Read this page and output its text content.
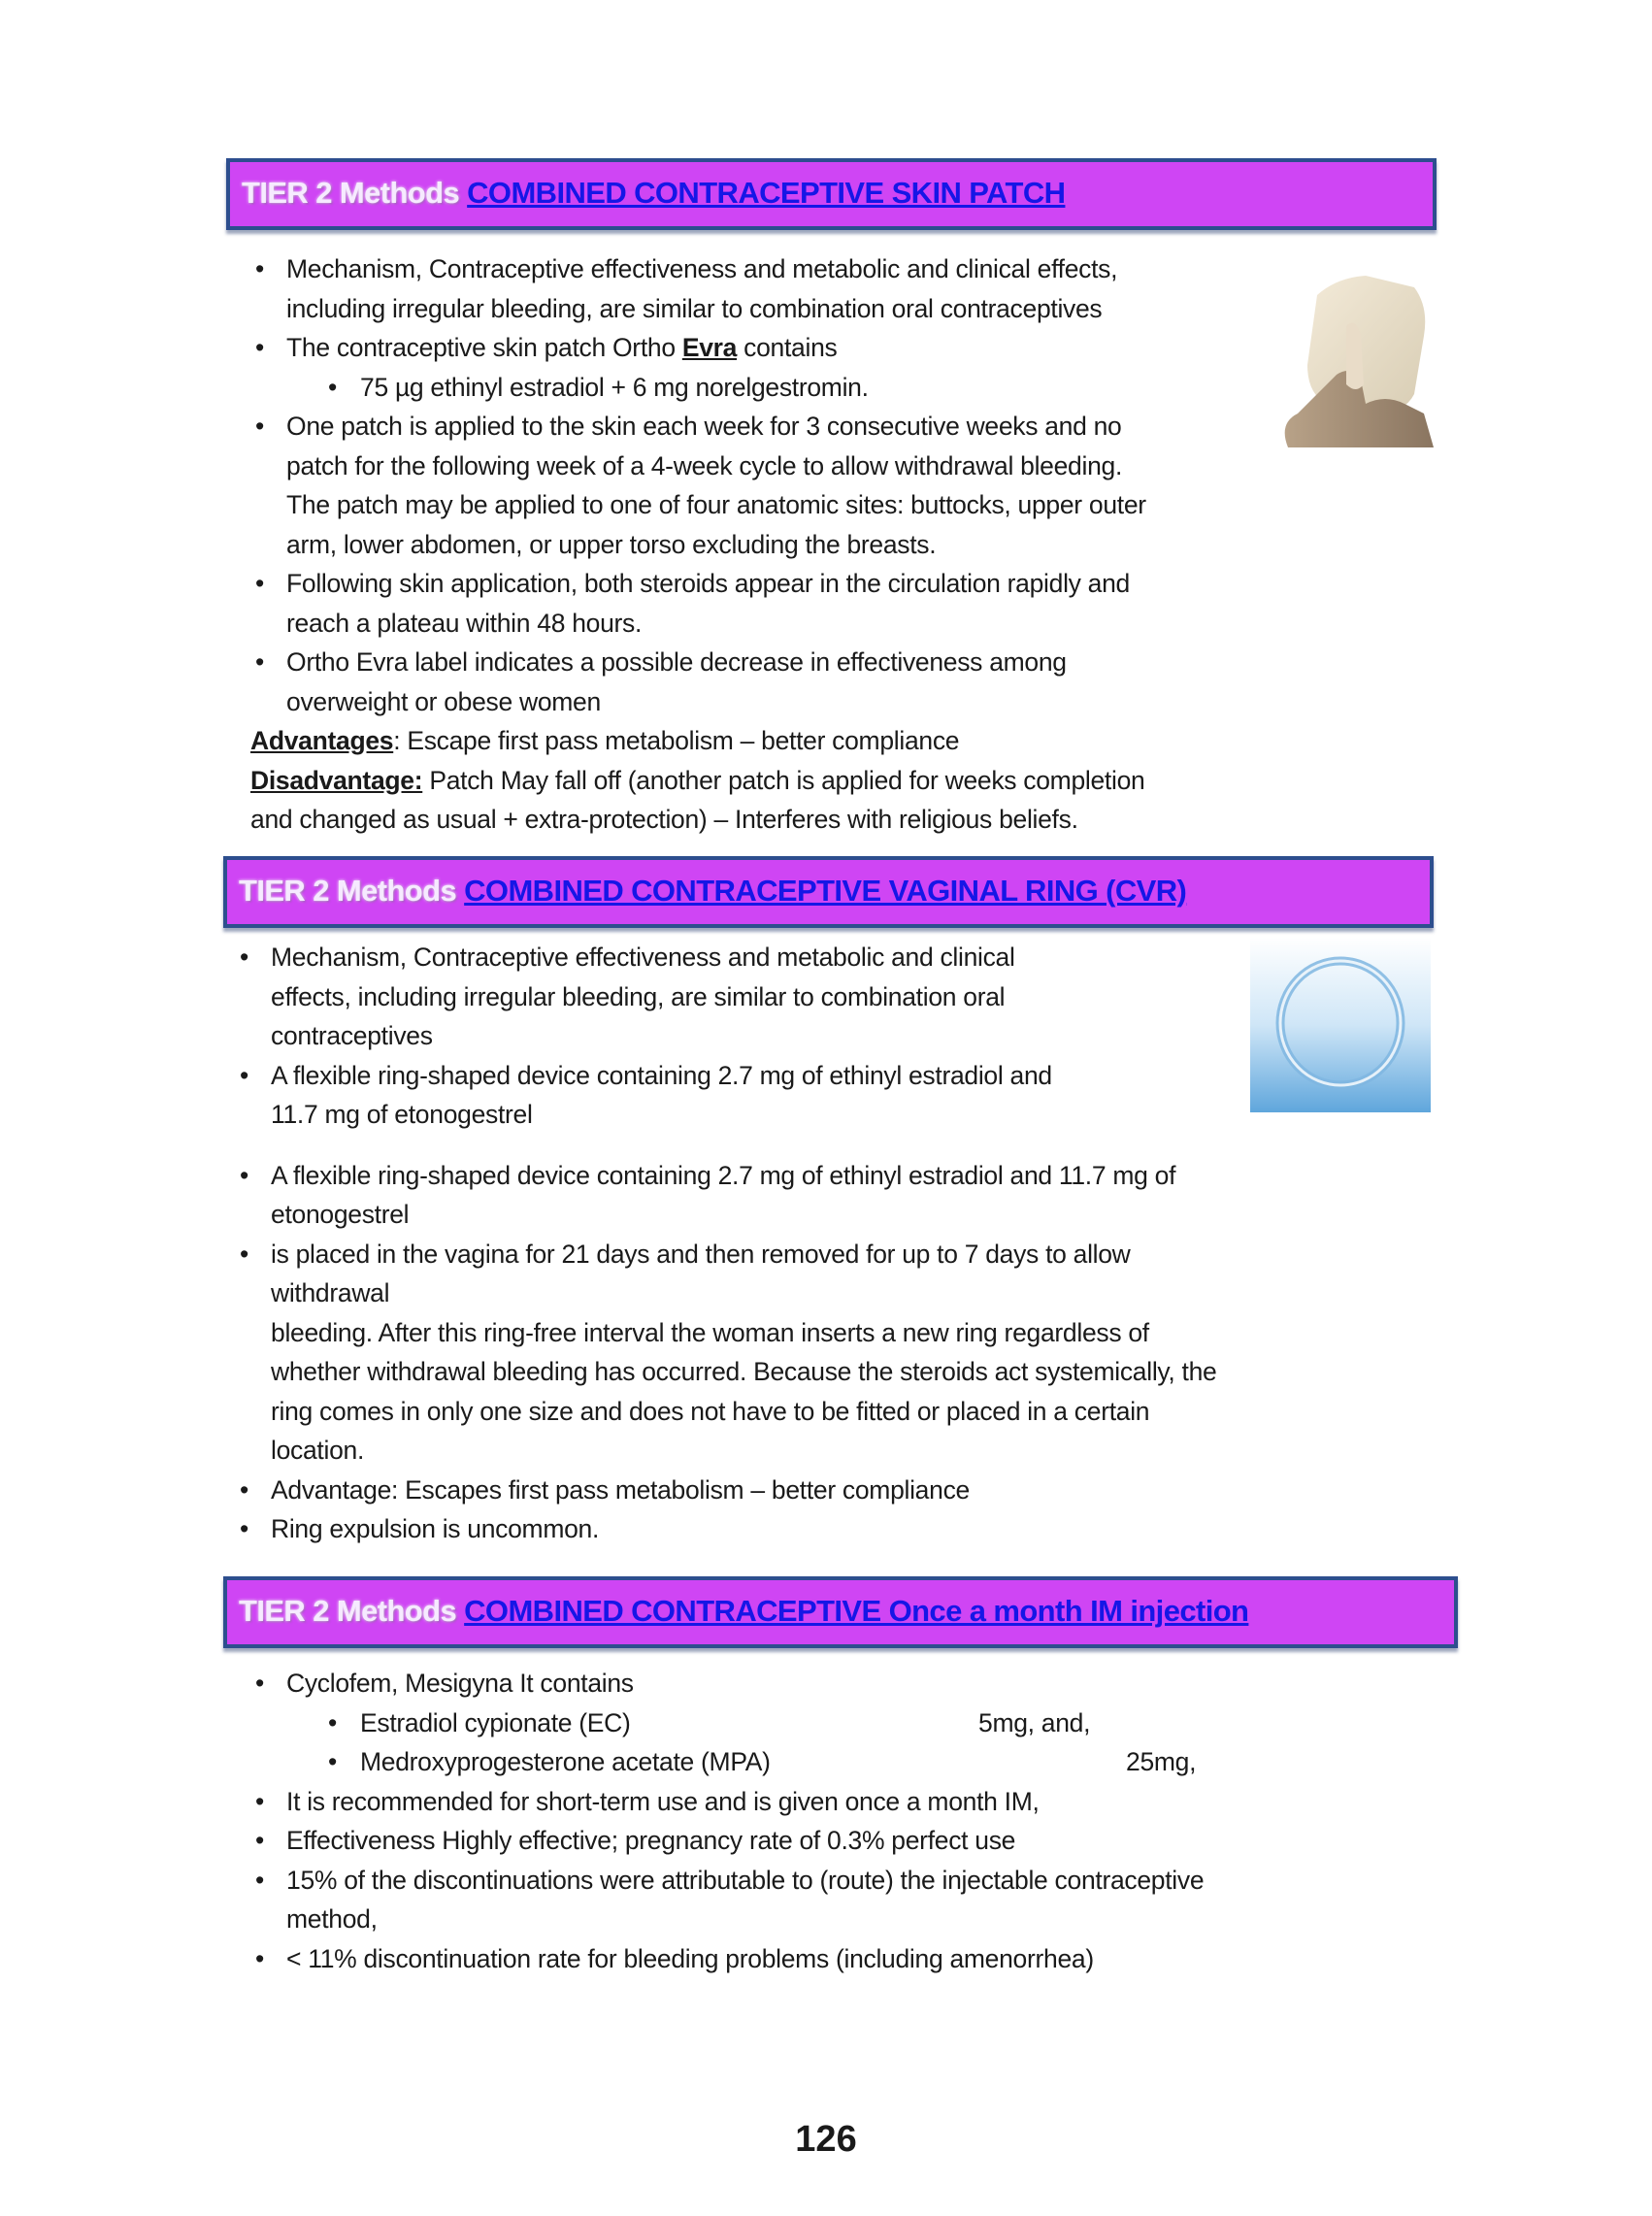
TIER 2 Methods COMBINED CONTRACEPTIVE SKIN PATCH
• Mechanism, Contraceptive effectiveness and metabolic and clinical effects,
including irregular bleeding, are similar to combination oral contraceptives
• The contraceptive skin patch Ortho Evra contains
• 75 µg ethinyl estradiol + 6 mg norelgestromin.
• One patch is applied to the skin each week for 3 consecutive weeks and no
patch for the following week of a 4-week cycle to allow withdrawal bleeding.
The patch may be applied to one of four anatomic sites: buttocks, upper outer
arm, lower abdomen, or upper torso excluding the breasts.
• Following skin application, both steroids appear in the circulation rapidly and
reach a plateau within 48 hours.
• Ortho Evra label indicates a possible decrease in effectiveness among
overweight or obese women
Advantages: Escape first pass metabolism – better compliance
Disadvantage: Patch May fall off (another patch is applied for weeks completion
and changed as usual + extra-protection) – Interferes with religious beliefs.
TIER 2 Methods COMBINED CONTRACEPTIVE VAGINAL RING (CVR)
• Mechanism, Contraceptive effectiveness and metabolic and clinical
effects, including irregular bleeding, are similar to combination oral
contraceptives
• A flexible ring-shaped device containing 2.7 mg of ethinyl estradiol and
11.7 mg of etonogestrel
• A flexible ring-shaped device containing 2.7 mg of ethinyl estradiol and 11.7 mg of
etonogestrel
• is placed in the vagina for 21 days and then removed for up to 7 days to allow
withdrawal
bleeding. After this ring-free interval the woman inserts a new ring regardless of
whether withdrawal bleeding has occurred. Because the steroids act systemically, the
ring comes in only one size and does not have to be fitted or placed in a certain
location.
• Advantage: Escapes first pass metabolism – better compliance
• Ring expulsion is uncommon.
TIER 2 Methods COMBINED CONTRACEPTIVE Once a month IM injection
• Cyclofem, Mesigyna It contains
•	5mg, and,
Estradiol cypionate (EC)
•	25mg,
Medroxyprogesterone acetate (MPA)
• It is recommended for short-term use and is given once a month IM,
• Effectiveness Highly effective; pregnancy rate of 0.3% perfect use
• 15% of the discontinuations were attributable to (route) the injectable contraceptive
method,
• < 11% discontinuation rate for bleeding problems (including amenorrhea)
126
